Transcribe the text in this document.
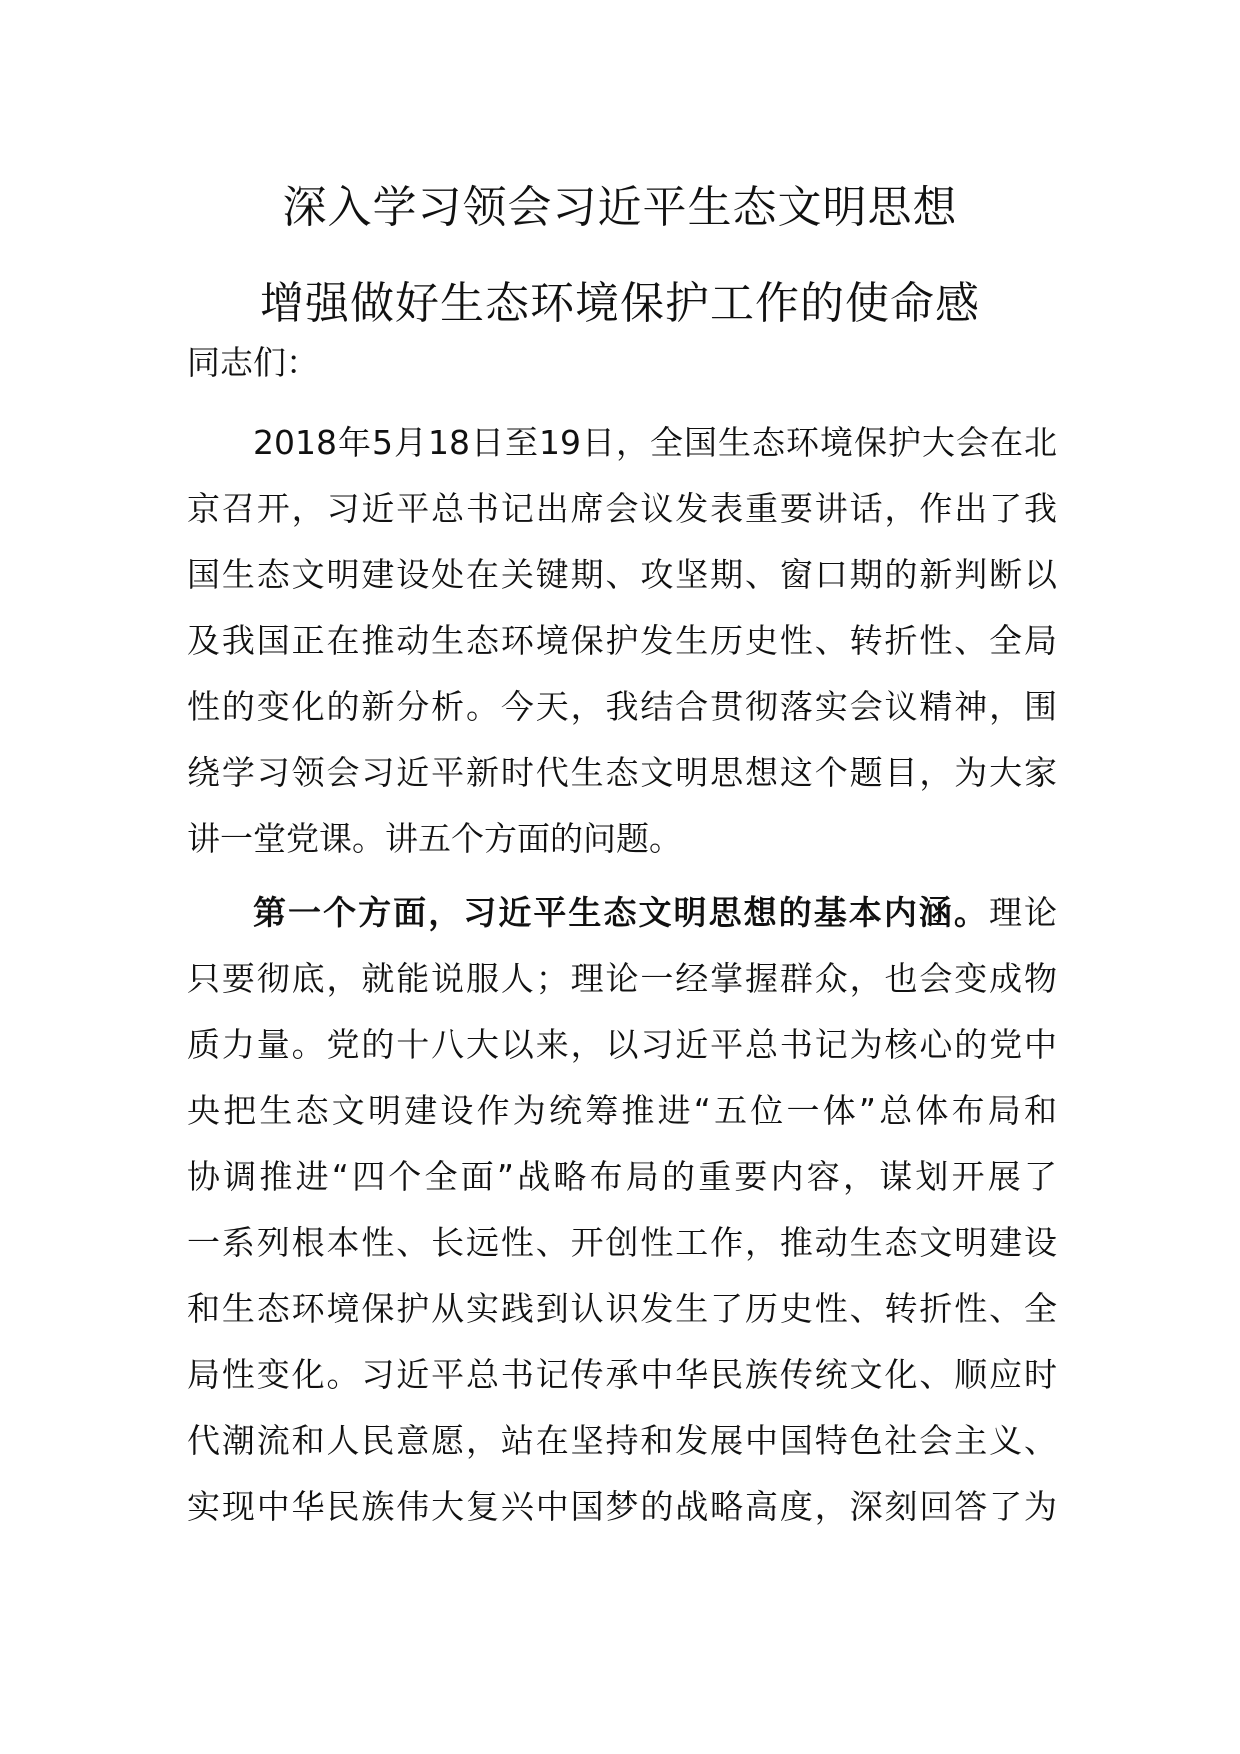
深入学习领会习近平生态文明思想
增强做好生态环境保护工作的使命感

同志们：

2018年5月18日至19日，全国生态环境保护大会在北
京召开，习近平总书记出席会议发表重要讲话，作出了我
国生态文明建设处在关键期、攻坚期、窗口期的新判断以
及我国正在推动生态环境保护发生历史性、转折性、全局
性的变化的新分析。今天，我结合贯彻落实会议精神，围
绕学习领会习近平新时代生态文明思想这个题目，为大家
讲一堂党课。讲五个方面的问题。
第一个方面，习近平生态文明思想的基本内涵。理论
只要彻底，就能说服人；理论一经掌握群众，也会变成物
质力量。党的十八大以来，以习近平总书记为核心的党中
央把生态文明建设作为统筹推进“五位一体”总体布局和
协调推进“四个全面”战略布局的重要内容，谋划开展了
一系列根本性、长远性、开创性工作，推动生态文明建设
和生态环境保护从实践到认识发生了历史性、转折性、全
局性变化。习近平总书记传承中华民族传统文化、顺应时
代潮流和人民意愿，站在坚持和发展中国特色社会主义、
实现中华民族伟大复兴中国梦的战略高度，深刻回答了为
